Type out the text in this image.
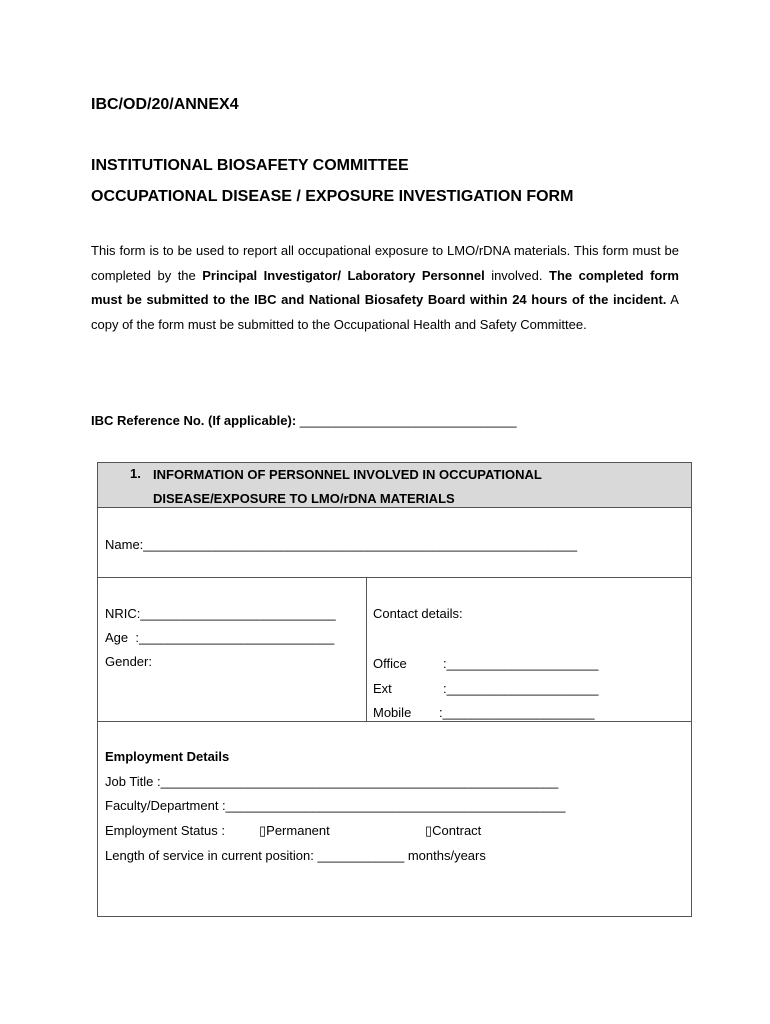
IBC/OD/20/ANNEX4
INSTITUTIONAL BIOSAFETY COMMITTEE
OCCUPATIONAL DISEASE / EXPOSURE INVESTIGATION FORM
This form is to be used to report all occupational exposure to LMO/rDNA materials. This form must be completed by the Principal Investigator/ Laboratory Personnel involved. The completed form must be submitted to the IBC and National Biosafety Board within 24 hours of the incident. A copy of the form must be submitted to the Occupational Health and Safety Committee.
IBC Reference No. (If applicable): ______________________________
1. INFORMATION OF PERSONNEL INVOLVED IN OCCUPATIONAL
DISEASE/EXPOSURE TO LMO/rDNA MATERIALS
Name:____________________________________________________________
NRIC:___________________________
Age  :___________________________
Gender:
Contact details:
Office	:_____________________
Ext	:_____________________
Mobile :_____________________
Employment Details
Job Title :_______________________________________________________
Faculty/Department :_______________________________________________
Employment Status :	▯Permanent	▯Contract
Length of service in current position: ____________ months/years
